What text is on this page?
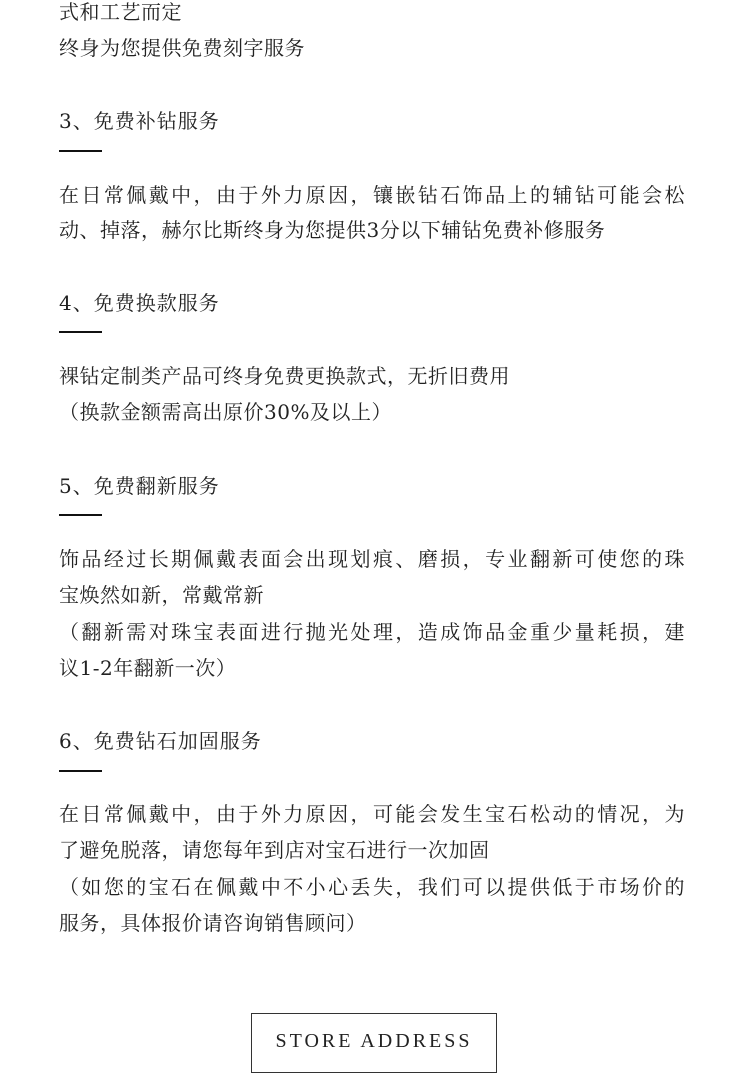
式和工艺而定
终身为您提供免费刻字服务
3、免费补钻服务
在日常佩戴中，由于外力原因，镶嵌钻石饰品上的辅钻可能会松
动、掉落，赫尔比斯终身为您提供3分以下辅钻免费补修服务
4、免费换款服务
裸钻定制类产品可终身免费更换款式，无折旧费用
（换款金额需高出原价30%及以上）
5、免费翻新服务
饰品经过长期佩戴表面会出现划痕、磨损，专业翻新可使您的珠
宝焕然如新，常戴常新
（翻新需对珠宝表面进行抛光处理，造成饰品金重少量耗损，建
议1-2年翻新一次）
6、免费钻石加固服务
在日常佩戴中，由于外力原因，可能会发生宝石松动的情况，为
了避免脱落，请您每年到店对宝石进行一次加固
（如您的宝石在佩戴中不小心丢失，我们可以提供低于市场价的
服务，具体报价请咨询销售顾问）
STORE ADDRESS
